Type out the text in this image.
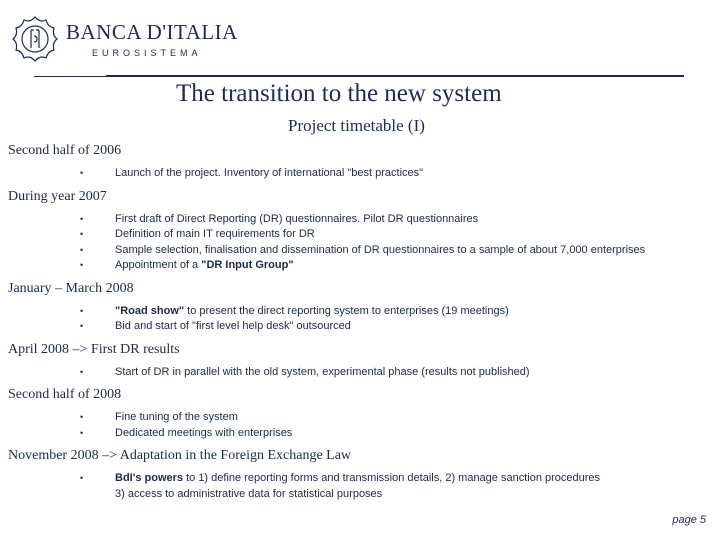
BANCA D'ITALIA
EUROSISTEMA
The transition to the new system
Project timetable (I)
Second half of 2006
•	Launch of the project. Inventory of international "best practices"
During year 2007
•	First draft of Direct Reporting (DR) questionnaires. Pilot DR questionnaires
•	Definition of main IT requirements for DR
•	Sample selection, finalisation and dissemination of DR questionnaires to a sample of about 7,000 enterprises
•	Appointment of a "DR Input Group"
January – March 2008
•	"Road show" to present the direct reporting system to enterprises (19 meetings)
•	Bid and start of "first level help desk" outsourced
April 2008 –> First DR results
•	Start of DR in parallel with the old system, experimental phase (results not published)
Second half of 2008
•	Fine tuning of the system
•	Dedicated meetings with enterprises
November 2008 –> Adaptation in the Foreign Exchange Law
•	BdI's powers to 1) define reporting forms and transmission details, 2) manage sanction procedures
3) access to administrative data for statistical purposes
page 5
